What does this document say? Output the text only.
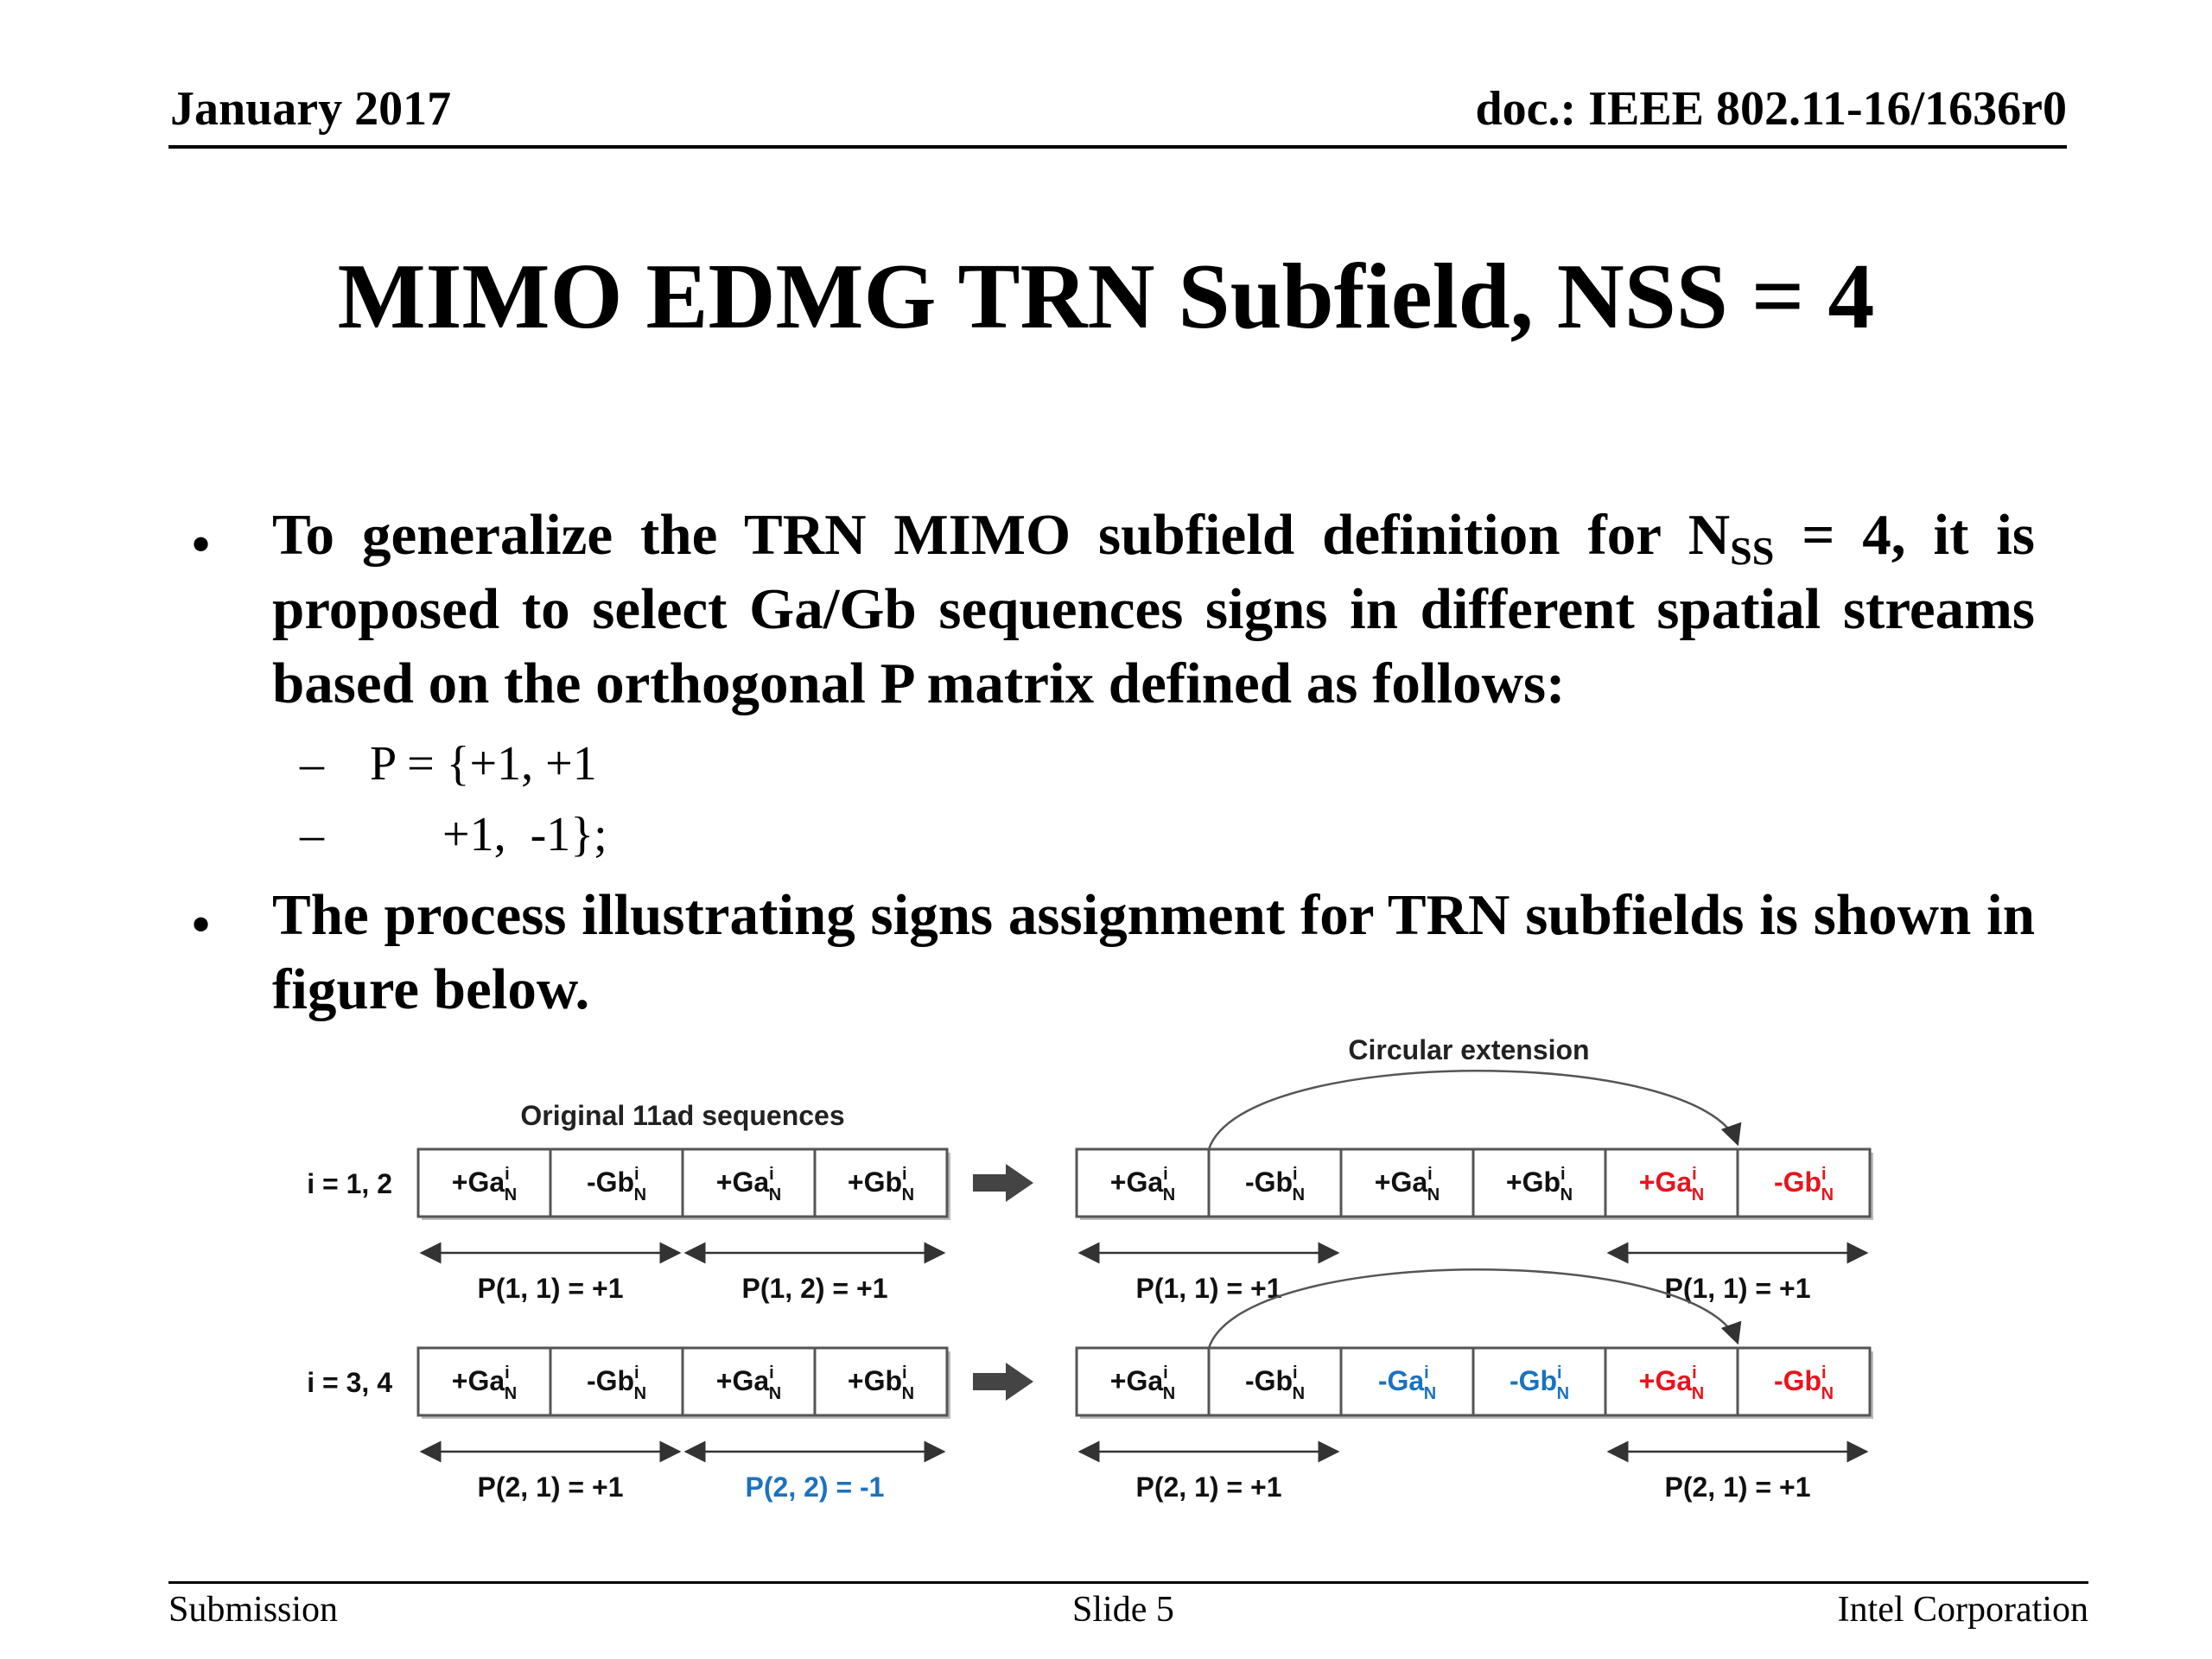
January 2017	doc.: IEEE 802.11-16/1636r0
MIMO EDMG TRN Subfield, NSS = 4
• To generalize the TRN MIMO subfield definition for $N_{SS} = 4$, it is proposed to select Ga/Gb sequences signs in different spatial streams based on the orthogonal P matrix defined as follows:
– P = {+1, +1
– +1,  -1};
• The process illustrating signs assignment for TRN subfields is shown in figure below.
Circular extension
Original 11ad sequences
i = 1, $2 +Ga^i$ N	-Gb$^i$ N	$+Ga^i$ $N +Gb^i$ N	$+Ga^i$ N	-Gb$^i$ N	$+Ga^i$ $N +Gb^i$ $N +Ga^i$ N	-Gb$^i$ N
P(1, 1) = +1	P(1, 2) = +1	P(1, 1) = +1	P(1, 1) = +1
i = 3, $4 +Ga^i$ N	-Gb$^i$ N	$+Ga^i$ $N +Gb^i$ N	$+Ga^i$ N	-Gb$^i$ N	-Ga$^i$ N	-Gb$^i$ N	$+Ga^i$ N	-Gb$^i$ N
P(2, 1) = +1	P(2, 2) = -1	P(2, 1) = +1	P(2, 1) = +1
Submission	Slide 5	Intel Corporation
